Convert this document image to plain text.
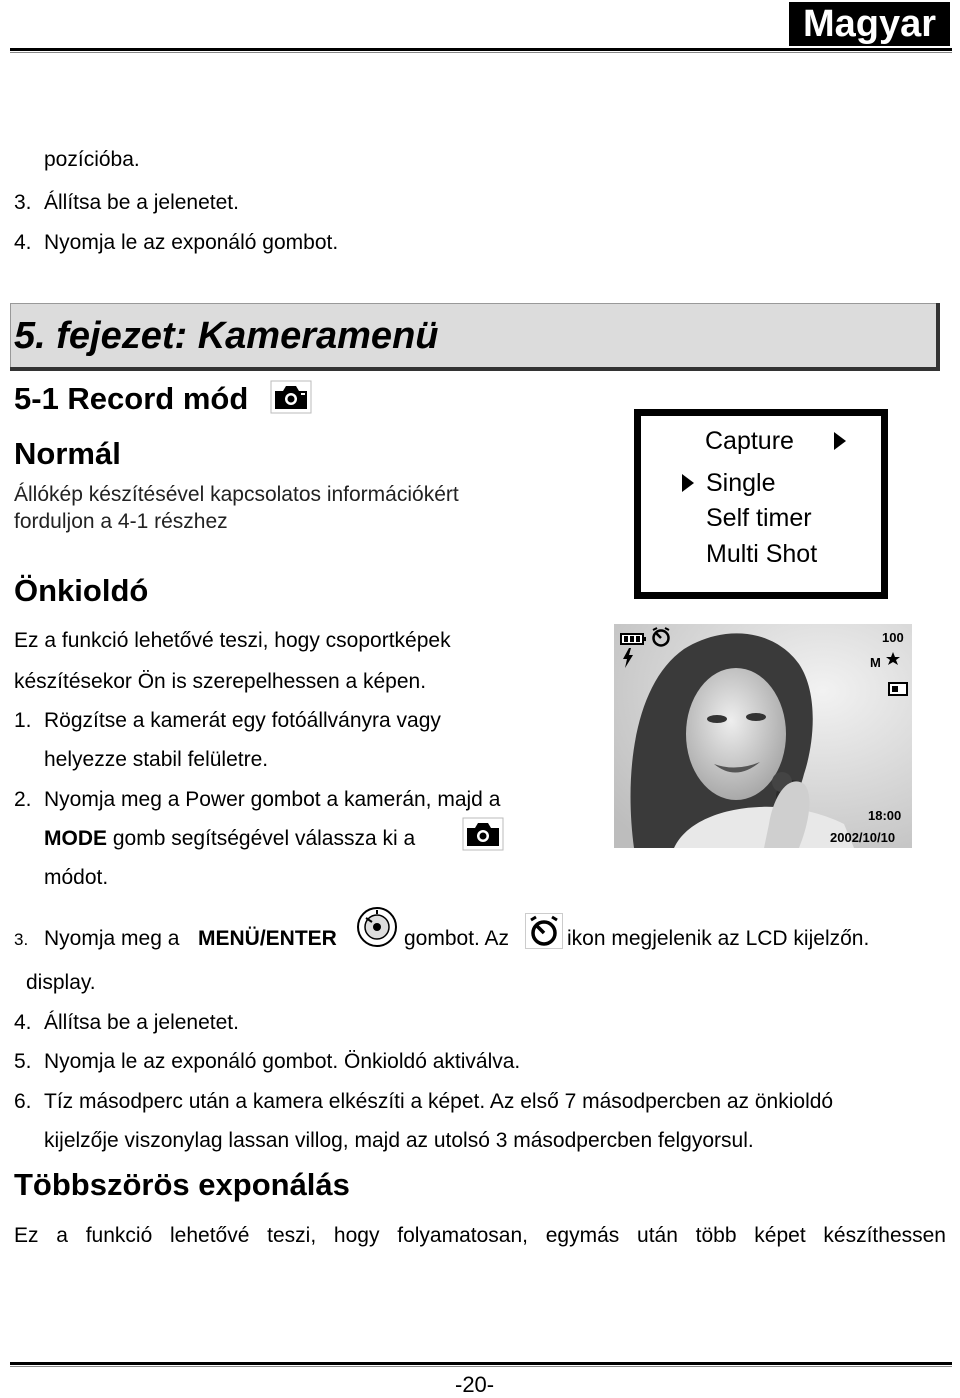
Magyar
pozícióba.
3. Állítsa be a jelenetet.
4. Nyomja le az exponáló gombot.
5. fejezet: Kameramenü
5-1 Record mód
Normál
Állókép készítésével kapcsolatos információkért
forduljon a 4-1 részhez
Capture
Single
Self timer
Multi Shot
100
M
18:00
2002/10/10
Önkioldó
Ez a funkció lehetővé teszi, hogy csoportképek
készítésekor Ön is szerepelhessen a képen.
1. Rögzítse a kamerát egy fotóállványra vagy
helyezze stabil felületre.
2. Nyomja meg a Power gombot a kamerán, majd a
MODE gomb segítségével válassza ki a
módot.
3. Nyomja meg a MENÜ/ENTER	gombot. Az	ikon megjelenik az LCD kijelzőn.
display.
4. Állítsa be a jelenetet.
5. Nyomja le az exponáló gombot. Önkioldó aktiválva.
6. Tíz másodperc után a kamera elkészíti a képet. Az első 7 másodpercben az önkioldó
kijelzője viszonylag lassan villog, majd az utolsó 3 másodpercben felgyorsul.
Többszörös exponálás
Ez a funkció lehetővé teszi, hogy folyamatosan, egymás után több képet készíthessen
-20-
